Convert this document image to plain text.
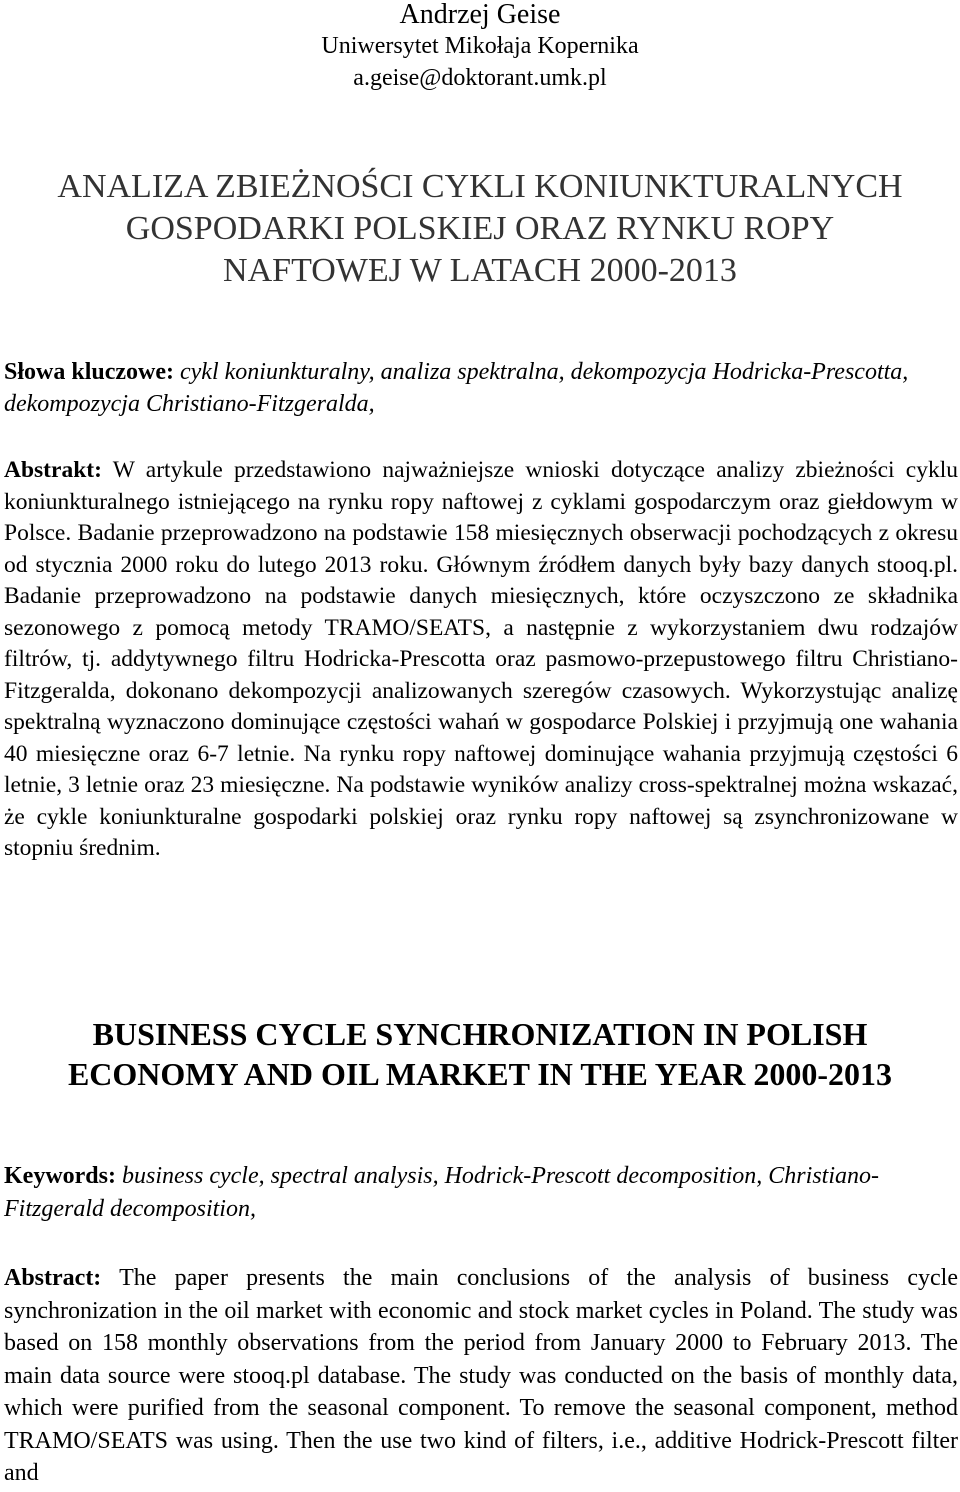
Andrzej Geise
Uniwersytet Mikołaja Kopernika
a.geise@doktorant.umk.pl
ANALIZA ZBIEŻNOŚCI CYKLI KONIUNKTURALNYCH
GOSPODARKI POLSKIEJ ORAZ RYNKU ROPY
NAFTOWEJ W LATACH 2000-2013

Słowa kluczowe: cykl koniunkturalny, analiza spektralna, dekompozycja Hodricka-Prescotta, dekompozycja Christiano-Fitzgeralda,

Abstrakt: W artykule przedstawiono najważniejsze wnioski dotyczące analizy zbieżności cyklu koniunkturalnego istniejącego na rynku ropy naftowej z cyklami gospodarczym oraz giełdowym w Polsce. Badanie przeprowadzono na podstawie 158 miesięcznych obserwacji pochodzących z okresu od stycznia 2000 roku do lutego 2013 roku. Głównym źródłem danych były bazy danych stooq.pl. Badanie przeprowadzono na podstawie danych miesięcznych, które oczyszczono ze składnika sezonowego z pomocą metody TRAMO/SEATS, a następnie z wykorzystaniem dwu rodzajów filtrów, tj. addytywnego filtru Hodricka-Prescotta oraz pasmowo-przepustowego filtru Christiano-Fitzgeralda, dokonano dekompozycji analizowanych szeregów czasowych. Wykorzystując analizę spektralną wyznaczono dominujące częstości wahań w gospodarce Polskiej i przyjmują one wahania 40 miesięczne oraz 6-7 letnie. Na rynku ropy naftowej dominujące wahania przyjmują częstości 6 letnie, 3 letnie oraz 23 miesięczne. Na podstawie wyników analizy cross-spektralnej można wskazać, że cykle koniunkturalne gospodarki polskiej oraz rynku ropy naftowej są zsynchronizowane w stopniu średnim.

BUSINESS CYCLE SYNCHRONIZATION IN POLISH
ECONOMY AND OIL MARKET IN THE YEAR 2000-2013

Keywords: business cycle, spectral analysis, Hodrick-Prescott decomposition, Christiano-Fitzgerald decomposition,

Abstract: The paper presents the main conclusions of the analysis of business cycle synchronization in the oil market with economic and stock market cycles in Poland. The study was based on 158 monthly observations from the period from January 2000 to February 2013. The main data source were stooq.pl database. The study was conducted on the basis of monthly data, which were purified from the seasonal component. To remove the seasonal component, method TRAMO/SEATS was using. Then the use two kind of filters, i.e., additive Hodrick-Prescott filter and
